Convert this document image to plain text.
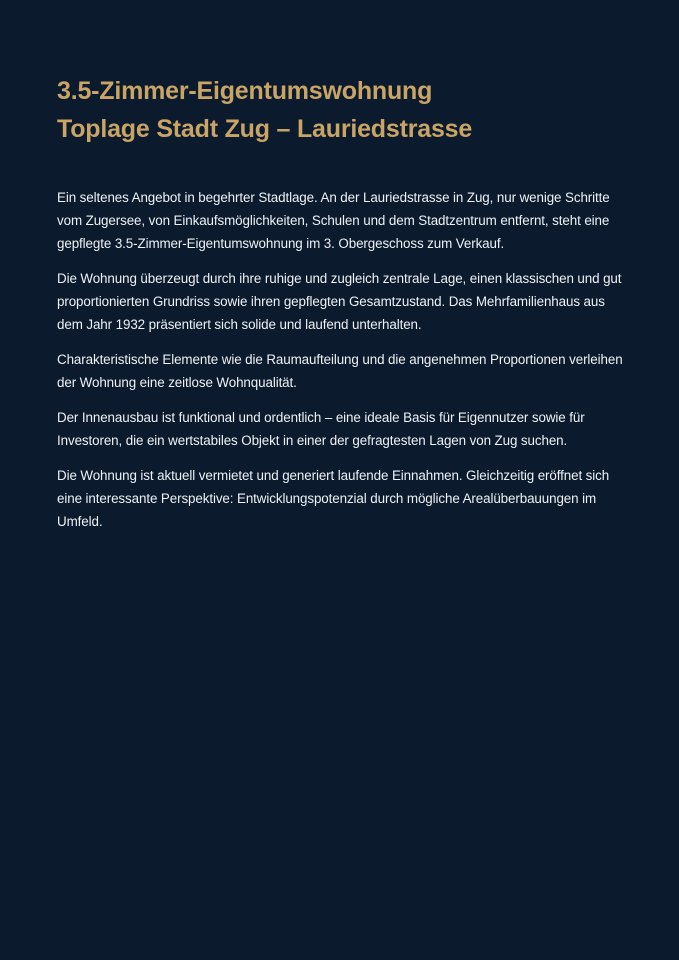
3.5-Zimmer-Eigentumswohnung
Toplage Stadt Zug – Lauriedstrasse

Ein seltenes Angebot in begehrter Stadtlage. An der Lauriedstrasse in Zug, nur wenige Schritte vom Zugersee, von Einkaufsmöglichkeiten, Schulen und dem Stadtzentrum entfernt, steht eine gepflegte 3.5-Zimmer-Eigentumswohnung im 3. Obergeschoss zum Verkauf.

Die Wohnung überzeugt durch ihre ruhige und zugleich zentrale Lage, einen klassischen und gut proportionierten Grundriss sowie ihren gepflegten Gesamtzustand. Das Mehrfamilienhaus aus dem Jahr 1932 präsentiert sich solide und laufend unterhalten.

Charakteristische Elemente wie die Raumaufteilung und die angenehmen Proportionen verleihen der Wohnung eine zeitlose Wohnqualität.

Der Innenausbau ist funktional und ordentlich – eine ideale Basis für Eigennutzer sowie für Investoren, die ein wertstabiles Objekt in einer der gefragtesten Lagen von Zug suchen.

Die Wohnung ist aktuell vermietet und generiert laufende Einnahmen. Gleichzeitig eröffnet sich eine interessante Perspektive: Entwicklungspotenzial durch mögliche Arealüberbauungen im Umfeld.
